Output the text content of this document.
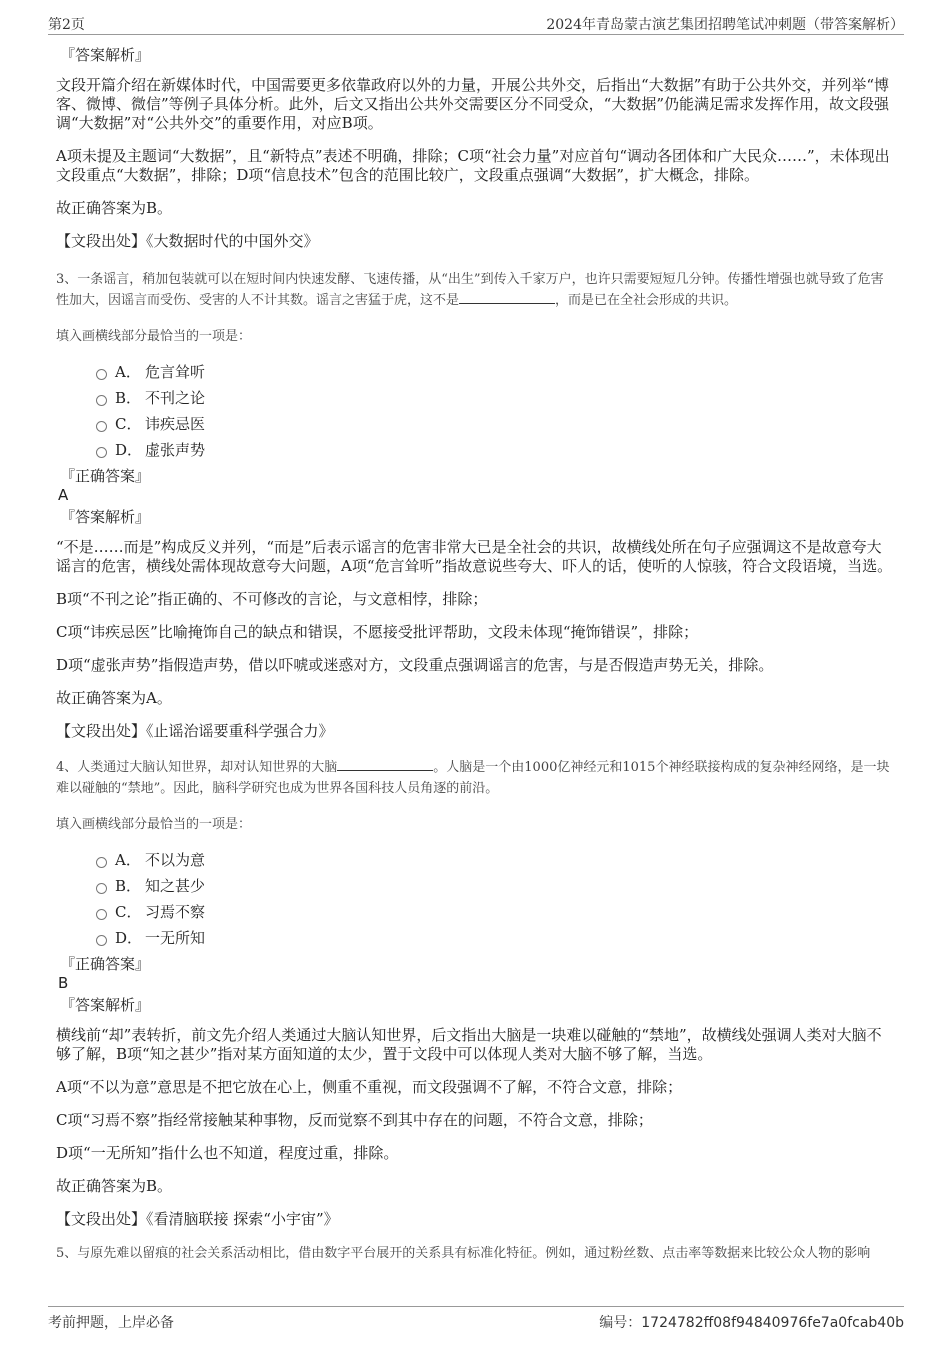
第2页	2024年青岛蒙古演艺集团招聘笔试冲刺题（带答案解析）
『答案解析』

文段开篇介绍在新媒体时代，中国需要更多依靠政府以外的力量，开展公共外交，后指出“大数据”有助于公共外交，并列举“博客、微博、微信”等例子具体分析。此外，后文又指出公共外交需要区分不同受众，“大数据”仍能满足需求发挥作用，故文段强调“大数据”对“公共外交”的重要作用，对应B项。

A项未提及主题词“大数据”，且“新特点”表述不明确，排除；C项“社会力量”对应首句“调动各团体和广大民众……”，未体现出文段重点“大数据”，排除；D项“信息技术”包含的范围比较广，文段重点强调“大数据”，扩大概念，排除。

故正确答案为B。

【文段出处】《大数据时代的中国外交》

3、一条谣言，稍加包装就可以在短时间内快速发酵、飞速传播，从“出生”到传入千家万户，也许只需要短短几分钟。传播性增强也就导致了危害性加大，因谣言而受伤、受害的人不计其数。谣言之害猛于虎，这不是	，而是已在全社会形成的共识。

填入画横线部分最恰当的一项是：

A． 危言耸听
B． 不刊之论
C． 讳疾忌医
D． 虚张声势
『正确答案』
A
『答案解析』

“不是……而是”构成反义并列，“而是”后表示谣言的危害非常大已是全社会的共识，故横线处所在句子应强调这不是故意夸大谣言的危害，横线处需体现故意夸大问题，A项“危言耸听”指故意说些夸大、吓人的话，使听的人惊骇，符合文段语境，当选。

B项“不刊之论”指正确的、不可修改的言论，与文意相悖，排除；

C项“讳疾忌医”比喻掩饰自己的缺点和错误，不愿接受批评帮助，文段未体现“掩饰错误”，排除；

D项“虚张声势”指假造声势，借以吓唬或迷惑对方，文段重点强调谣言的危害，与是否假造声势无关，排除。

故正确答案为A。

【文段出处】《止谣治谣要重科学强合力》

4、人类通过大脑认知世界，却对认知世界的大脑	。人脑是一个由1000亿神经元和1015个神经联接构成的复杂神经网络，是一块难以碰触的“禁地”。因此，脑科学研究也成为世界各国科技人员角逐的前沿。

填入画横线部分最恰当的一项是：

A． 不以为意
B． 知之甚少
C． 习焉不察
D． 一无所知
『正确答案』
B
『答案解析』

横线前“却”表转折，前文先介绍人类通过大脑认知世界，后文指出大脑是一块难以碰触的“禁地”，故横线处强调人类对大脑不够了解，B项“知之甚少”指对某方面知道的太少，置于文段中可以体现人类对大脑不够了解，当选。

A项“不以为意”意思是不把它放在心上，侧重不重视，而文段强调不了解，不符合文意，排除；

C项“习焉不察”指经常接触某种事物，反而觉察不到其中存在的问题，不符合文意，排除；

D项“一无所知”指什么也不知道，程度过重，排除。

故正确答案为B。

【文段出处】《看清脑联接 探索“小宇宙”》

5、与原先难以留痕的社会关系活动相比，借由数字平台展开的关系具有标准化特征。例如，通过粉丝数、点击率等数据来比较公众人物的影响

考前押题，上岸必备	编号：1724782ff08f94840976fe7a0fcab40b
